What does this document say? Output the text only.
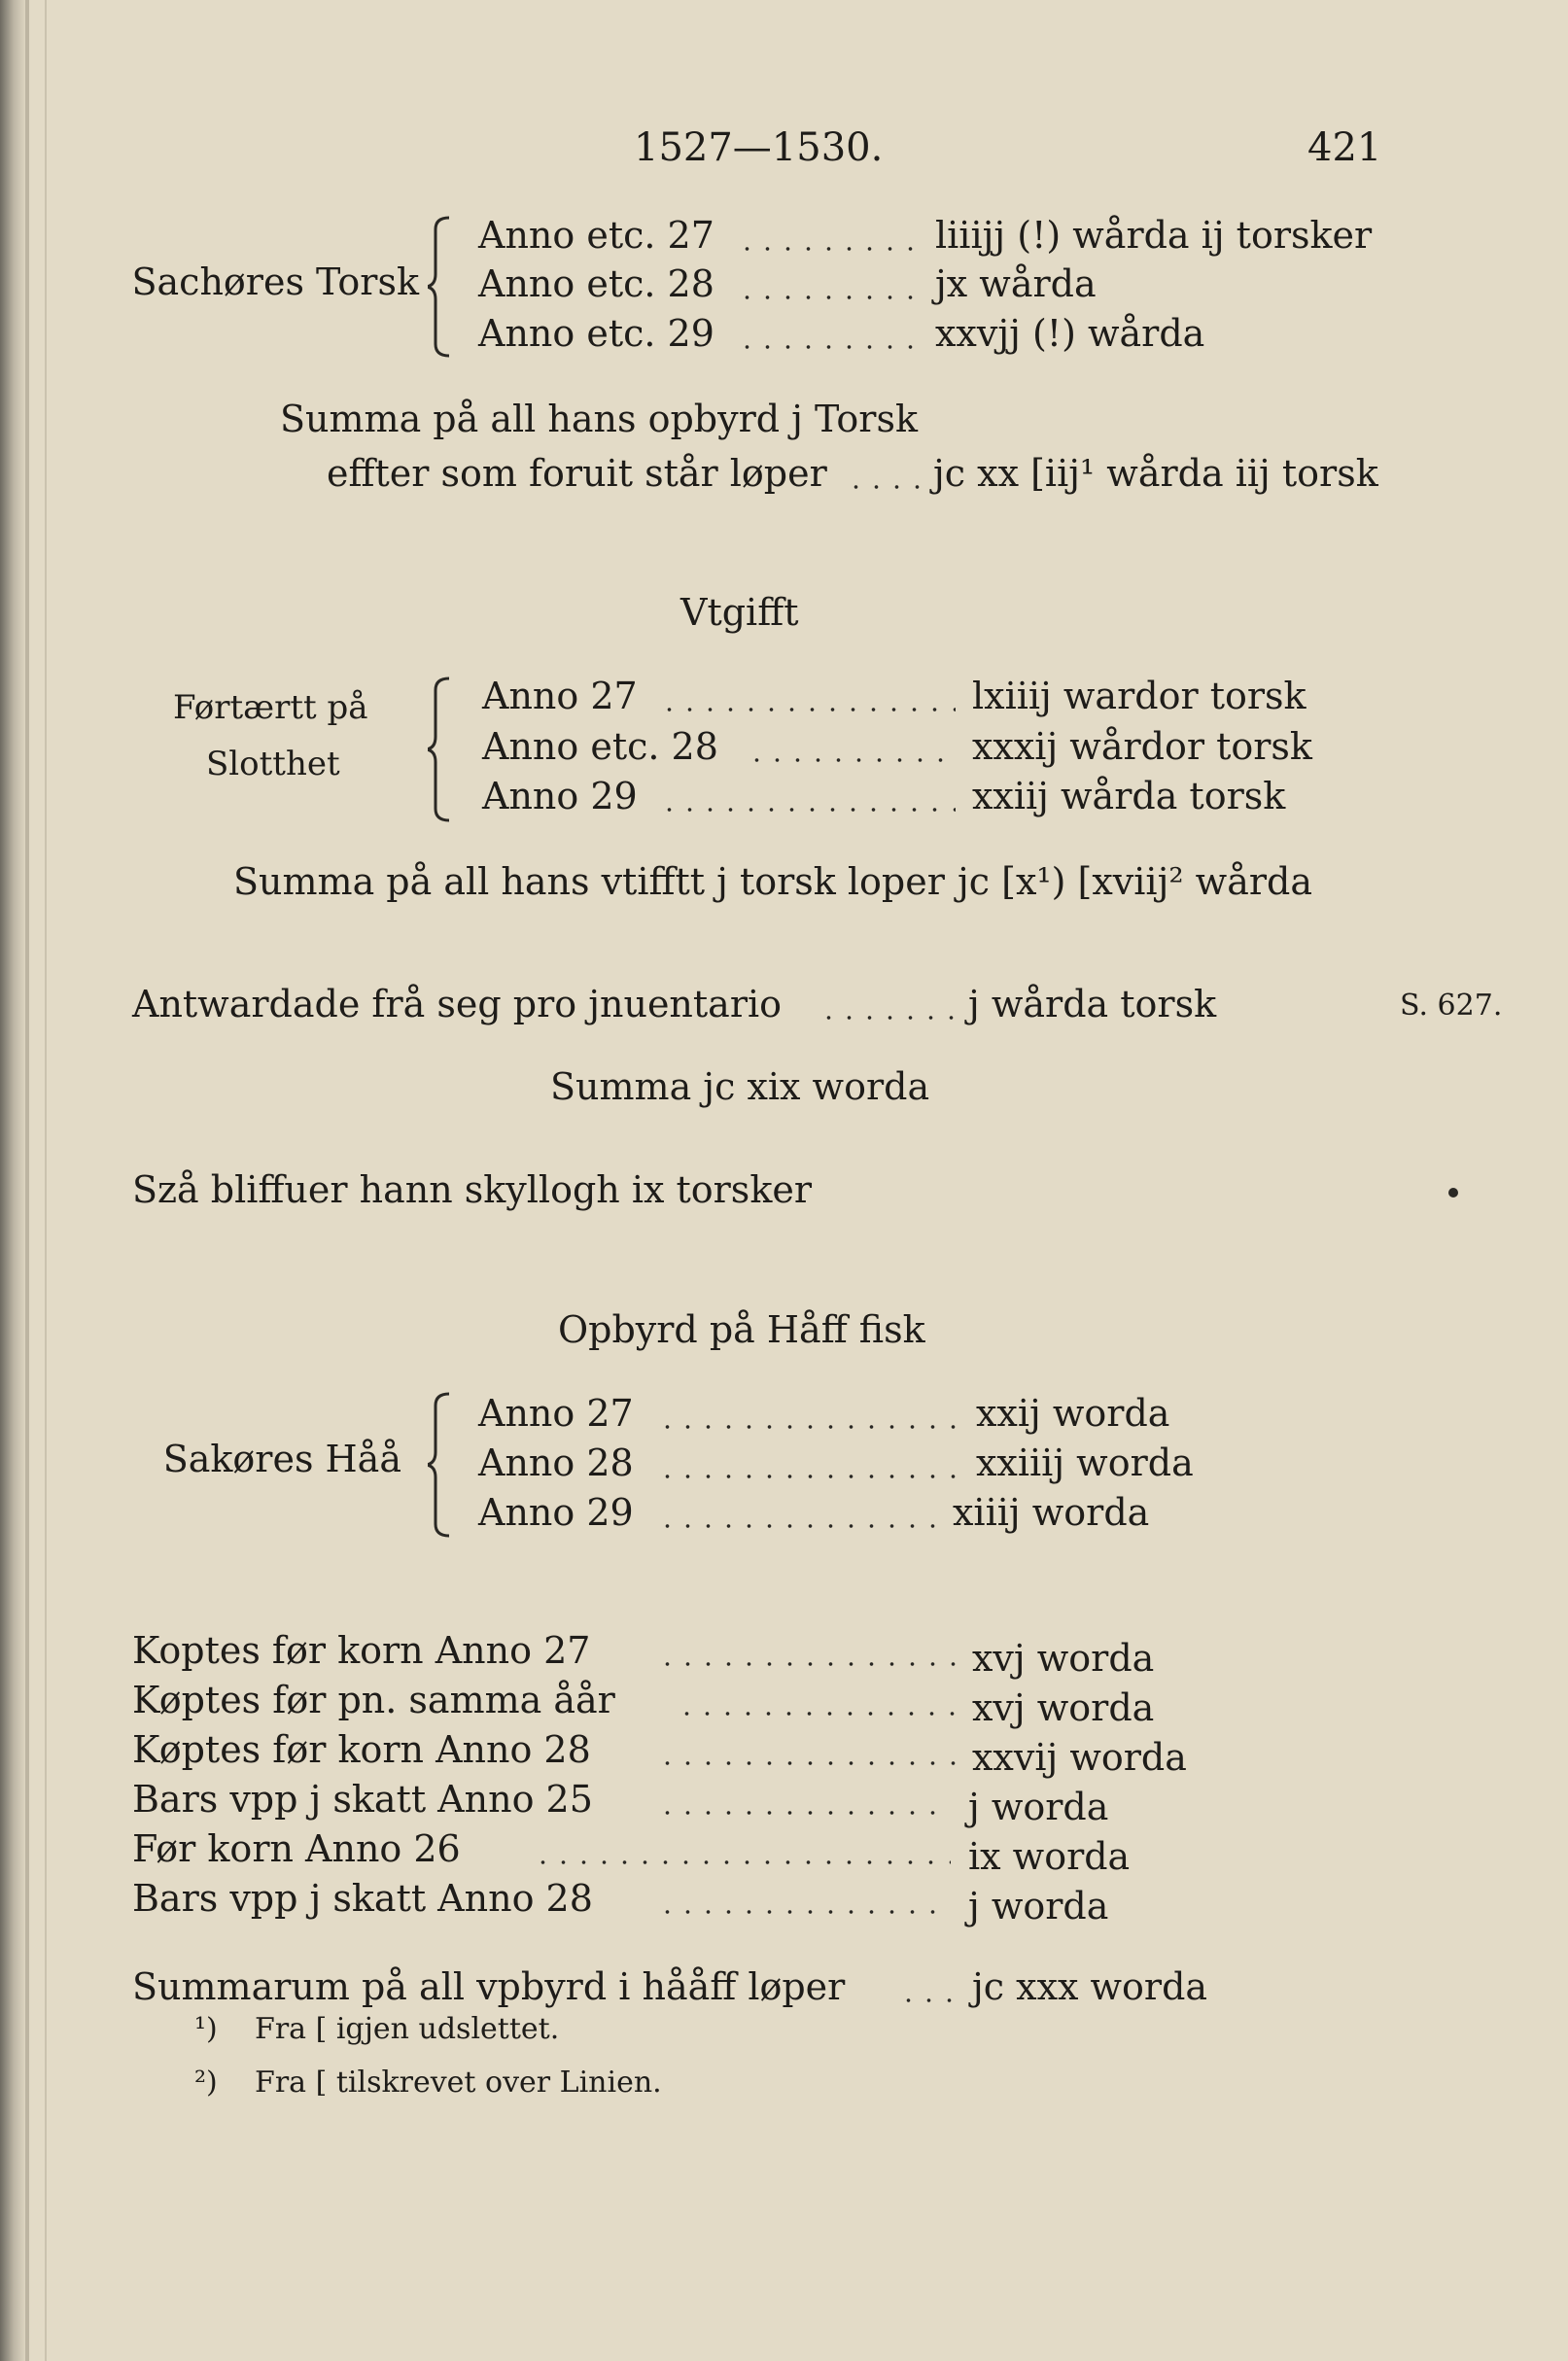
1527—1530.	421
Sachøres Torsk
Anno etc. 27	liiijj (!) wårda ij torsker
Anno etc. 28	jx wårda
Anno etc. 29	xxvjj (!) wårda
Summa på all hans opbyrd j Torsk
effter som foruit står løper	jc xx [iij¹ wårda iij torsk
Vtgifft
Førtærtt på
Slotthet
Anno 27	lxiiij wardor torsk
Anno etc. 28	xxxij wårdor torsk
Anno 29	xxiij wårda torsk
Summa på all hans vtifftt j torsk loper jc [x¹) [xviij² wårda
Antwardade frå seg pro jnuentario	j wårda torsk	S. 627.
Summa jc xix worda
Szå bliffuer hann skyllogh ix torsker
Opbyrd på Håff fisk
Sakøres Håå
Anno 27	xxij worda
Anno 28	xxiiij worda
Anno 29	xiiij worda
Koptes før korn Anno 27	xvj worda
Køptes før pn. samma åår	xvj worda
Køptes før korn Anno 28	xxvij worda
Bars vpp j skatt Anno 25	j worda
Før korn Anno 26	ix worda
Bars vpp j skatt Anno 28	j worda
Summarum på all vpbyrd i hååff løper	jc xxx worda
¹) Fra [ igjen udslettet.
²) Fra [ tilskrevet over Linien.
